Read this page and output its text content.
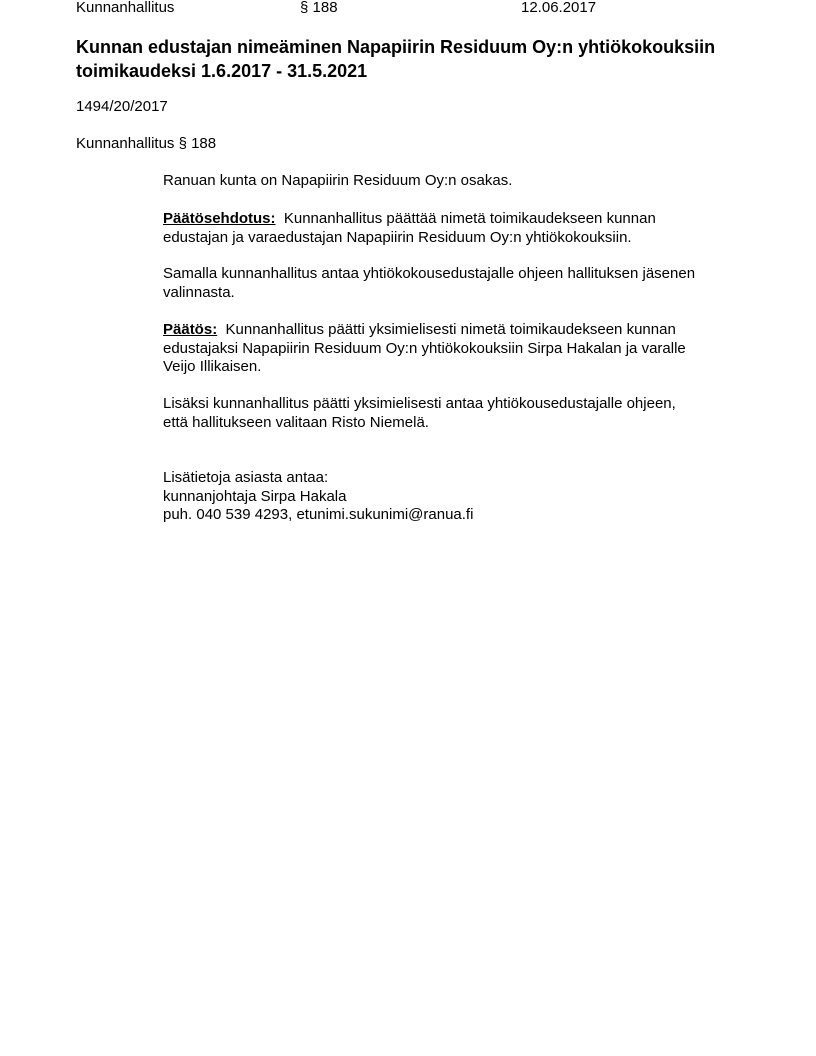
Kunnanhallitus	§ 188	12.06.2017
Kunnan edustajan nimeäminen Napapiirin Residuum Oy:n yhtiökokouksiin
toimikaudeksi 1.6.2017 - 31.5.2021
1494/20/2017
Kunnanhallitus § 188
Ranuan kunta on Napapiirin Residuum Oy:n osakas.
Päätösehdotus: Kunnanhallitus päättää nimetä toimikaudekseen kunnan
edustajan ja varaedustajan Napapiirin Residuum Oy:n yhtiökokouksiin.
Samalla kunnanhallitus antaa yhtiökokousedustajalle ohjeen hallituksen jäsenen
valinnasta.
Päätös: Kunnanhallitus päätti yksimielisesti nimetä toimikaudekseen kunnan
edustajaksi Napapiirin Residuum Oy:n yhtiökokouksiin Sirpa Hakalan ja varalle
Veijo Illikaisen.
Lisäksi kunnanhallitus päätti yksimielisesti antaa yhtiökousedustajalle ohjeen,
että hallitukseen valitaan Risto Niemelä.
Lisätietoja asiasta antaa:
kunnanjohtaja Sirpa Hakala
puh. 040 539 4293, etunimi.sukunimi@ranua.fi
